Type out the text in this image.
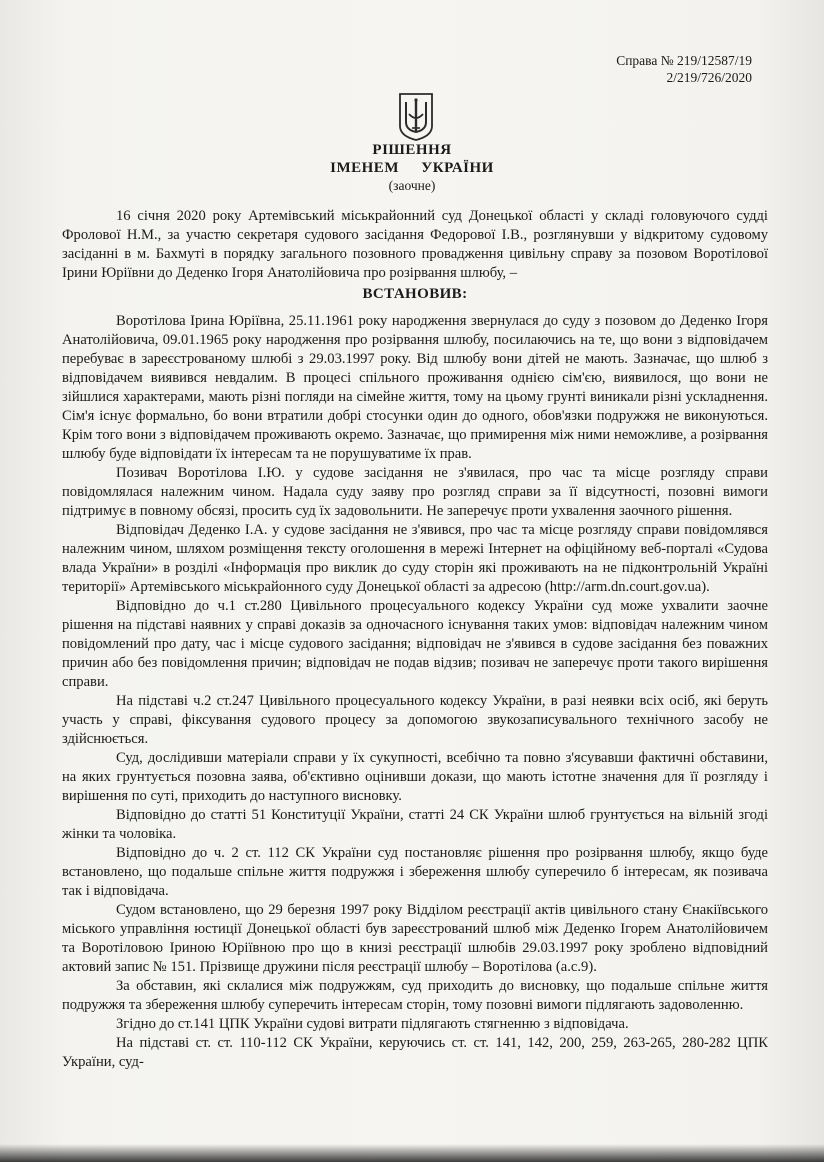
Справа № 219/12587/19
2/219/726/2020
РІШЕННЯ
ІМЕНЕМ УКРАЇНИ
(заочне)

16 січня 2020 року Артемівський міськрайонний суд Донецької області у складі головуючого судді Фролової Н.М., за участю секретаря судового засідання Федорової І.В., розглянувши у відкритому судовому засіданні в м. Бахмуті в порядку загального позовного провадження цивільну справу за позовом Воротілової Ірини Юріївни до Деденко Ігоря Анатолійовича про розірвання шлюбу, –

ВСТАНОВИВ:

Воротілова Ірина Юріївна, 25.11.1961 року народження звернулася до суду з позовом до Деденко Ігоря Анатолійовича, 09.01.1965 року народження про розірвання шлюбу, посилаючись на те, що вони з відповідачем перебуває в зареєстрованому шлюбі з 29.03.1997 року. Від шлюбу вони дітей не мають. Зазначає, що шлюб з відповідачем виявився невдалим. В процесі спільного проживання однією сім'єю, виявилося, що вони не зійшлися характерами, мають різні погляди на сімейне життя, тому на цьому грунті виникали різні ускладнення. Сім'я існує формально, бо вони втратили добрі стосунки один до одного, обов'язки подружжя не виконуються. Крім того вони з відповідачем проживають окремо. Зазначає, що примирення між ними неможливе, а розірвання шлюбу буде відповідати їх інтересам та не порушуватиме їх прав.

Позивач Воротілова І.Ю. у судове засідання не з'явилася, про час та місце розгляду справи повідомлялася належним чином. Надала суду заяву про розгляд справи за її відсутності, позовні вимоги підтримує в повному обсязі, просить суд їх задовольнити. Не заперечує проти ухвалення заочного рішення.

Відповідач Деденко І.А. у судове засідання не з'явився, про час та місце розгляду справи повідомлявся належним чином, шляхом розміщення тексту оголошення в мережі Інтернет на офіційному веб-порталі «Судова влада України» в розділі «Інформація про виклик до суду сторін які проживають на не підконтрольній Україні території» Артемівського міськрайонного суду Донецької області за адресою (http://arm.dn.court.gov.ua).

Відповідно до ч.1 ст.280 Цивільного процесуального кодексу України суд може ухвалити заочне рішення на підставі наявних у справі доказів за одночасного існування таких умов: відповідач належним чином повідомлений про дату, час і місце судового засідання; відповідач не з'явився в судове засідання без поважних причин або без повідомлення причин; відповідач не подав відзив; позивач не заперечує проти такого вирішення справи.

На підставі ч.2 ст.247 Цивільного процесуального кодексу України, в разі неявки всіх осіб, які беруть участь у справі, фіксування судового процесу за допомогою звукозаписувального технічного засобу не здійснюється.

Суд, дослідивши матеріали справи у їх сукупності, всебічно та повно з'ясувавши фактичні обставини, на яких грунтується позовна заява, об'єктивно оцінивши докази, що мають істотне значення для її розгляду і вирішення по суті, приходить до наступного висновку.

Відповідно до статті 51 Конституції України, статті 24 СК України шлюб грунтується на вільній згоді жінки та чоловіка.

Відповідно до ч. 2 ст. 112 СК України суд постановляє рішення про розірвання шлюбу, якщо буде встановлено, що подальше спільне життя подружжя і збереження шлюбу суперечило б інтересам, як позивача так і відповідача.

Судом встановлено, що 29 березня 1997 року Відділом реєстрації актів цивільного стану Єнакіївського міського управління юстиції Донецької області був зареєстрований шлюб між Деденко Ігорем Анатолійовичем та Воротіловою Іриною Юріївною про що в книзі реєстрації шлюбів 29.03.1997 року зроблено відповідний актовий запис № 151. Прізвище дружини після реєстрації шлюбу – Воротілова (а.с.9).

За обставин, які склалися між подружжям, суд приходить до висновку, що подальше спільне життя подружжя та збереження шлюбу суперечить інтересам сторін, тому позовні вимоги підлягають задоволенню.

Згідно до ст.141 ЦПК України судові витрати підлягають стягненню з відповідача.

На підставі ст. ст. 110-112 СК України, керуючись ст. ст. 141, 142, 200, 259, 263-265, 280-282 ЦПК України, суд-
